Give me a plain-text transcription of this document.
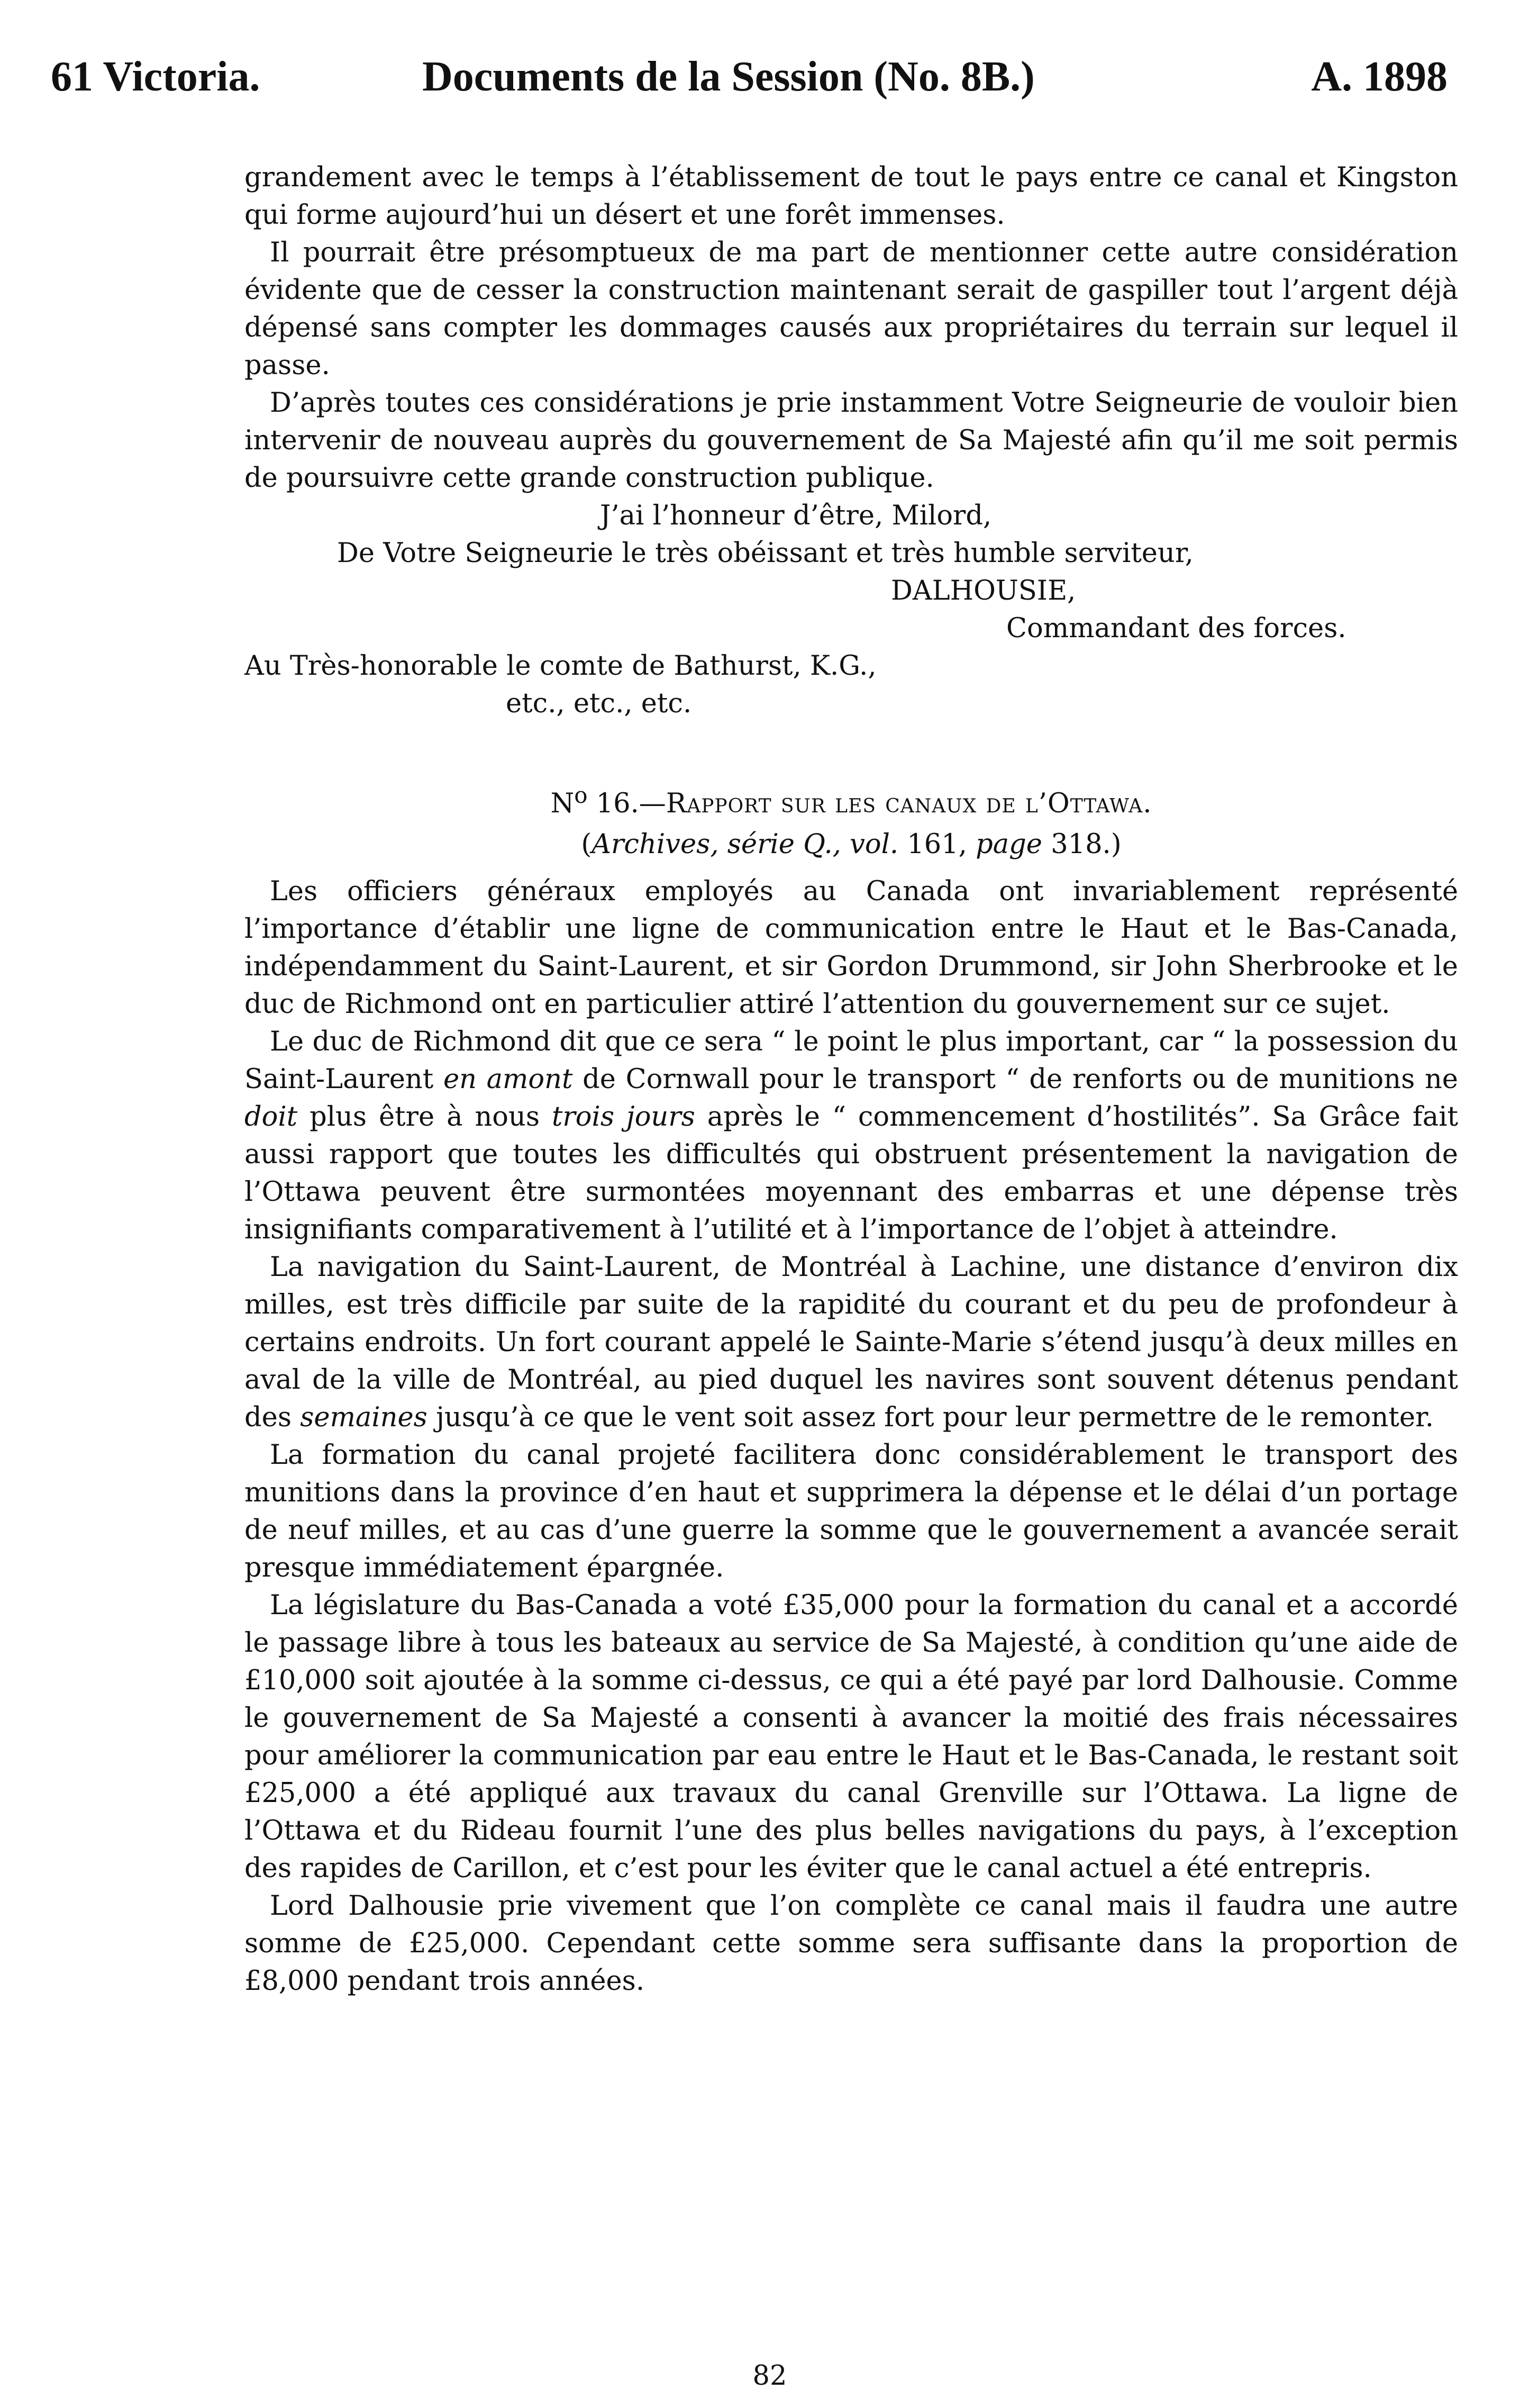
61 Victoria.	Documents de la Session (No. 8B.)	A. 1898

grandement avec le temps à l’établissement de tout le pays entre ce canal et Kingston qui forme aujourd’hui un désert et une forêt immenses.

Il pourrait être présomptueux de ma part de mentionner cette autre considération évidente que de cesser la construction maintenant serait de gaspiller tout l’argent déjà dépensé sans compter les dommages causés aux propriétaires du terrain sur lequel il passe.

D’après toutes ces considérations je prie instamment Votre Seigneurie de vouloir bien intervenir de nouveau auprès du gouvernement de Sa Majesté afin qu’il me soit permis de poursuivre cette grande construction publique.

J’ai l’honneur d’être, Milord,
De Votre Seigneurie le très obéissant et très humble serviteur,
DALHOUSIE,
Commandant des forces.
Au Très-honorable le comte de Bathurst, K.G.,
etc., etc., etc.

$N^o$ 16.—Rapport sur les canaux de l’Ottawa.

(Archives, série Q., vol. 161, page 318.)

Les officiers généraux employés au Canada ont invariablement représenté l’importance d’établir une ligne de communication entre le Haut et le Bas-Canada, indépendamment du Saint-Laurent, et sir Gordon Drummond, sir John Sherbrooke et le duc de Richmond ont en particulier attiré l’attention du gouvernement sur ce sujet.

Le duc de Richmond dit que ce sera “ le point le plus important, car “ la possession du Saint-Laurent en amont de Cornwall pour le transport “ de renforts ou de munitions ne doit plus être à nous trois jours après le “ commencement d’hostilités”. Sa Grâce fait aussi rapport que toutes les difficultés qui obstruent présentement la navigation de l’Ottawa peuvent être surmontées moyennant des embarras et une dépense très insignifiants comparativement à l’utilité et à l’importance de l’objet à atteindre.

La navigation du Saint-Laurent, de Montréal à Lachine, une distance d’environ dix milles, est très difficile par suite de la rapidité du courant et du peu de profondeur à certains endroits. Un fort courant appelé le Sainte-Marie s’étend jusqu’à deux milles en aval de la ville de Montréal, au pied duquel les navires sont souvent détenus pendant des semaines jusqu’à ce que le vent soit assez fort pour leur permettre de le remonter.

La formation du canal projeté facilitera donc considérablement le transport des munitions dans la province d’en haut et supprimera la dépense et le délai d’un portage de neuf milles, et au cas d’une guerre la somme que le gouvernement a avancée serait presque immédiatement épargnée.

La législature du Bas-Canada a voté £35,000 pour la formation du canal et a accordé le passage libre à tous les bateaux au service de Sa Majesté, à condition qu’une aide de £10,000 soit ajoutée à la somme ci-dessus, ce qui a été payé par lord Dalhousie. Comme le gouvernement de Sa Majesté a consenti à avancer la moitié des frais nécessaires pour améliorer la communication par eau entre le Haut et le Bas-Canada, le restant soit £25,000 a été appliqué aux travaux du canal Grenville sur l’Ottawa. La ligne de l’Ottawa et du Rideau fournit l’une des plus belles navigations du pays, à l’exception des rapides de Carillon, et c’est pour les éviter que le canal actuel a été entrepris.

Lord Dalhousie prie vivement que l’on complète ce canal mais il faudra une autre somme de £25,000. Cependant cette somme sera suffisante dans la proportion de £8,000 pendant trois années.

82
